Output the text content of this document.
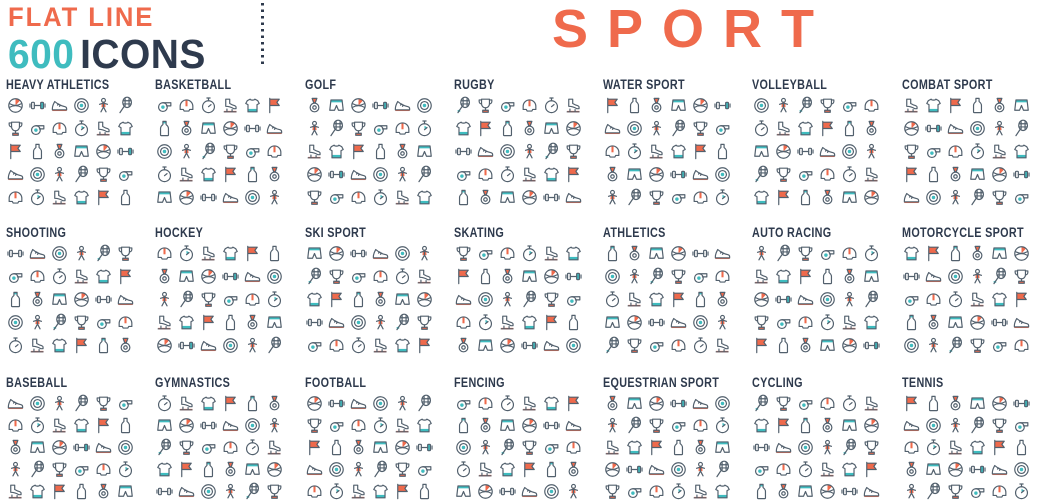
FLAT LINE
600 ICONS	SPORT
HEAVY ATHLETICS	BASKETBALL	GOLF	RUGBY	WATER SPORT	VOLLEYBALL	COMBAT SPORT
SHOOTING	HOCKEY	SKI SPORT	SKATING	ATHLETICS	AUTO RACING	MOTORCYCLE SPORT
BASEBALL	GYMNASTICS	FOOTBALL	FENCING	EQUESTRIAN SPORT	CYCLING	TENNIS
